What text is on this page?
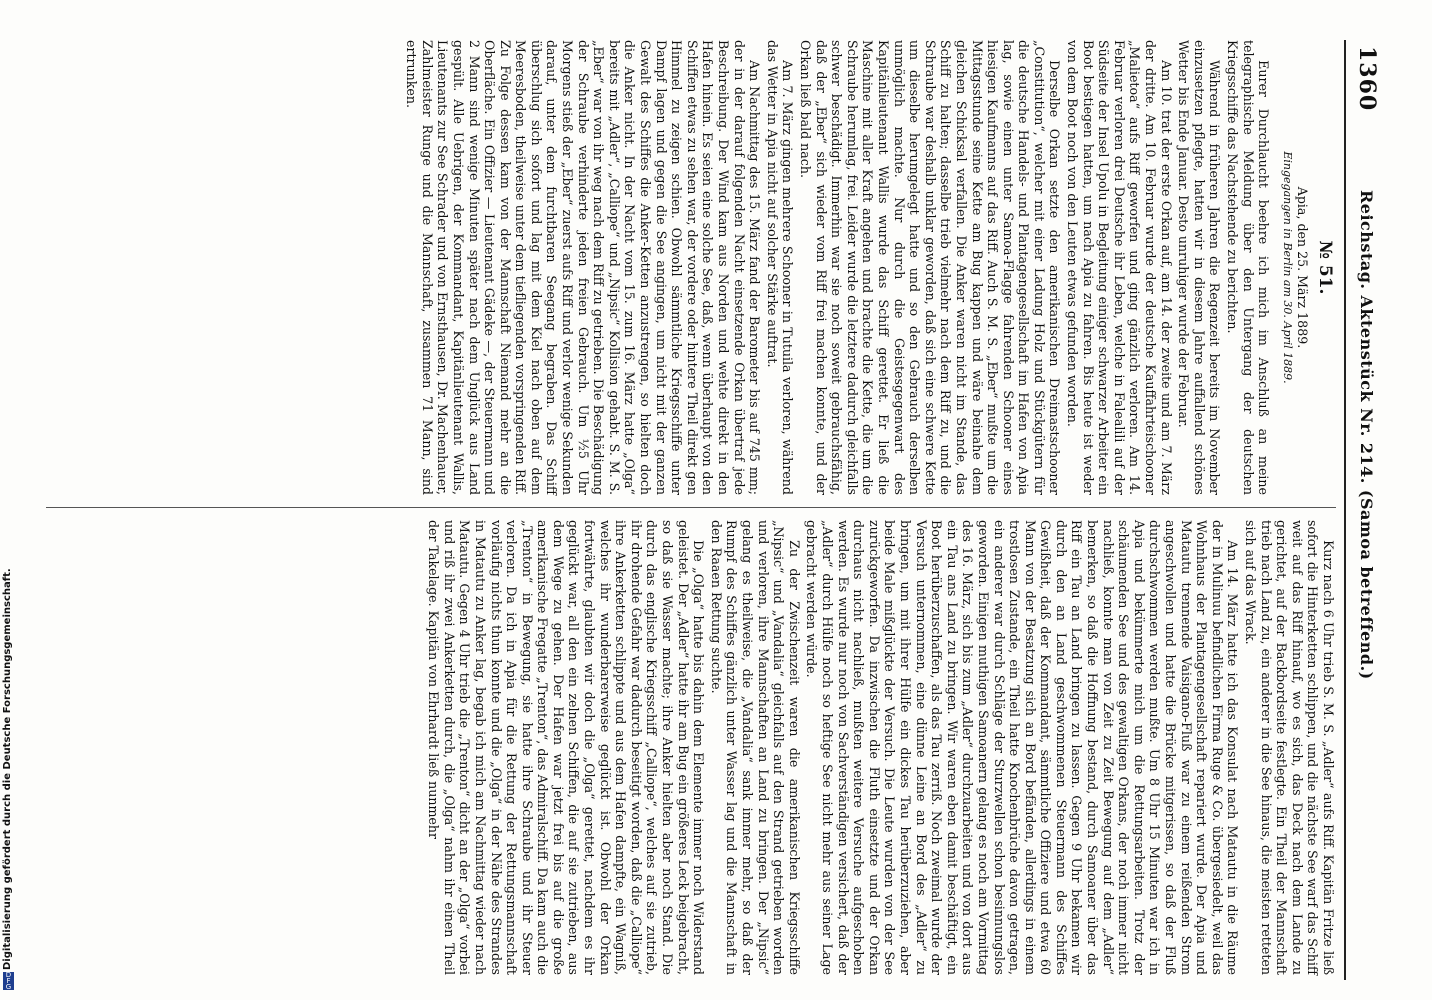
Digitalisierung gefördert durch die Deutsche Forschungsgemeinschaft.
D F G
1360
Reichstag. Aktenstück Nr. 214. (Samoa betreffend.)

№ 51.

Apia, den 25. März 1889.

Eingegangen in Berlin am 30. April 1889.

Eurer Durchlaucht beehre ich mich im Anschluß an meine telegraphische Meldung über den Untergang der deutschen Kriegsschiffe das Nachstehende zu berichten.

Während in früheren Jahren die Regenzeit bereits im November einzusetzen pflegte, hatten wir in diesem Jahre auffallend schönes Wetter bis Ende Januar. Desto unruhiger wurde der Februar.

Am 10. trat der erste Orkan auf, am 14. der zweite und am 7. März der dritte. Am 10. Februar wurde der deutsche Kauffahrteischooner „Malietoa“ aufs Riff geworfen und ging gänzlich verloren. Am 14. Februar verloren drei Deutsche ihr Leben, welche in Falealili auf der Südseite der Insel Upolu in Begleitung einiger schwarzer Arbeiter ein Boot bestiegen hatten, um nach Apia zu fahren. Bis heute ist weder von dem Boot noch von den Leuten etwas gefunden worden.

Derselbe Orkan setzte den amerikanischen Dreimastschooner „Constitution“, welcher mit einer Ladung Holz und Stückgütern für die deutsche Handels- und Plantagengesellschaft im Hafen von Apia lag, sowie einen unter Samoa-Flagge fahrenden Schooner eines hiesigen Kaufmanns auf das Riff. Auch S. M. S. „Eber“ mußte um die Mittagsstunde seine Kette am Bug kappen und wäre beinahe dem gleichen Schicksal verfallen. Die Anker waren nicht im Stande, das Schiff zu halten; dasselbe trieb vielmehr nach dem Riff zu, und die Schraube war deshalb unklar geworden, daß sich eine schwere Kette um dieselbe herumgelegt hatte und so den Gebrauch derselben unmöglich machte. Nur durch die Geistesgegenwart des Kapitänlieutenant Wallis wurde das Schiff gerettet. Er ließ die Maschine mit aller Kraft angehen und brachte die Kette, die um die Schraube herumlag, frei. Leider wurde die letztere dadurch gleichfalls schwer beschädigt. Immerhin war sie noch soweit gebrauchsfähig, daß der „Eber“ sich wieder vom Riff frei machen konnte, und der Orkan ließ bald nach.

Am 7. März gingen mehrere Schooner in Tutuila verloren, während das Wetter in Apia nicht auf solcher Stärke auftrat.

Am Nachmittag des 15. März fand der Barometer bis auf 745 mm; der in der darauf folgenden Nacht einsetzende Orkan übertraf jede Beschreibung. Der Wind kam aus Norden und wehte direkt in den Hafen hinein. Es seien eine solche See, daß, wenn überhaupt von den Schiffen etwas zu sehen war, der vordere oder hintere Theil direkt gen Himmel zu zeigen schien. Obwohl sämmtliche Kriegsschiffe unter Dampf lagen und gegen die See angingen, um nicht mit der ganzen Gewalt des Schiffes die Anker-Ketten anzustrengen, so hielten doch die Anker nicht. In der Nacht vom 15. zum 16. März hatte „Olga“ bereits mit „Adler“, „Calliope“ und „Nipsic“ Kollision gehabt. S. M. S. „Eber“ war von ihr weg nach dem Riff zu getrieben. Die Beschädigung der Schraube verhinderte jeden freien Gebrauch. Um ½5 Uhr Morgens stieß der „Eber“ zuerst aufs Riff und verlor wenige Sekunden darauf, unter dem furchtbaren Seegang begraben. Das Schiff überschlug sich sofort und lag mit dem Kiel nach oben auf dem Meeresboden, theilweise unter dem tiefliegenden vorspringenden Riff. Zu Folge dessen kam von der Mannschaft Niemand mehr an die Oberfläche. Ein Offizier — Lieutenant Gädeke —, der Steuermann und 2 Mann sind wenige Minuten später nach dem Unglück aus Land gespült. Alle Uebrigen, der Kommandant, Kapitänlieutenant Wallis, Lieutenants zur See Schrader und von Ernsthausen, Dr. Machenhauer, Zahlmeister Runge und die Mannschaft, zusammen 71 Mann, sind ertrunken.

Kurz nach 6 Uhr trieb S. M. S. „Adler“ aufs Riff. Kapitän Fritze ließ sofort die Hinterketten schlippen, und die nächste See warf das Schiff weit auf das Riff hinauf, wo es sich, das Deck nach dem Lande zu gerichtet, auf der Backbordseite festlegte. Ein Theil der Mannschaft trieb nach Land zu, ein anderer in die See hinaus, die meisten retteten sich auf das Wrack.

Am 14. März hatte ich das Konsulat nach Matautu in die Räume der in Mulinuu befindlichen Firma Ruge & Co. übergesiedelt, weil das Wohnhaus der Plantagengesellschaft repariert wurde. Der Apia und Matautu trennende Vaisigano-Fluß war zu einem reißenden Strom angeschwollen und hatte die Brücke mitgerissen, so daß der Fluß durchschwommen werden mußte. Um 8 Uhr 15 Minuten war ich in Apia und bekümmerte mich um die Rettungsarbeiten. Trotz der schäumenden See und des gewaltigen Orkans, der noch immer nicht nachließ, konnte man von Zeit zu Zeit Bewegung auf dem „Adler“ bemerken, so daß die Hoffnung bestand, durch Samoaner über das Riff ein Tau an Land bringen zu lassen. Gegen 9 Uhr bekamen wir durch den an Land geschwommenen Steuermann des Schiffes Gewißheit, daß der Kommandant, sämmtliche Offiziere und etwa 60 Mann von der Besatzung sich an Bord befänden, allerdings in einem trostlosen Zustande, ein Theil hatte Knochenbrüche davon getragen, ein anderer war durch Schläge der Sturzwellen schon besinnungslos geworden. Einigen muthigen Samoanern gelang es noch am Vormittag des 16. März, sich bis zum „Adler“ durchzuarbeiten und von dort aus ein Tau ans Land zu bringen. Wir waren eben damit beschäftigt, ein Boot herüberzuschaffen, als das Tau zerriß. Noch zweimal wurde der Versuch unternommen, eine dünne Leine an Bord des „Adler“ zu bringen, um mit ihrer Hülfe ein dickes Tau herüberzuziehen, aber beide Male mißglückte der Versuch. Die Leute wurden von der See zurückgeworfen. Da inzwischen die Fluth einsetzte und der Orkan durchaus nicht nachließ, mußten weitere Versuche aufgeschoben werden. Es wurde nur noch von Sachverständigen versichert, daß der „Adler“ durch Hülfe noch so heftige See nicht mehr aus seiner Lage gebracht werden würde.

Zu der Zwischenzeit waren die amerikanischen Kriegsschiffe „Nipsic“ und „Vandalia“ gleichfalls auf den Strand getrieben worden und verloren, ihre Mannschaften an Land zu bringen. Der „Nipsic“ gelang es theilweise, die „Vandalia“ sank immer mehr, so daß der Rumpf des Schiffes gänzlich unter Wasser lag und die Mannschaft in den Raaen Rettung suchte.

Die „Olga“ hatte bis dahin dem Elemente immer noch Widerstand geleistet. Der „Adler“ hatte ihr am Bug ein größeres Leck beigebracht, so daß sie Wasser machte; ihre Anker hielten aber noch Stand. Die durch das englische Kriegsschiff „Calliope“, welches auf sie zutrieb, ihr drohende Gefahr war dadurch beseitigt worden, daß die „Calliope“ ihre Ankerketten schlippte und aus dem Hafen dampfte, ein Wagniß, welches ihr wunderbarerweise geglückt ist. Obwohl der Orkan fortwährte, glaubten wir doch die „Olga“ gerettet, nachdem es ihr geglückt war, all den ein zelnen Schiffen, die auf sie zutrieben, aus dem Wege zu gehen. Der Hafen war jetzt frei bis auf die große amerikanische Fregatte „Trenton“, das Admiralschiff. Da kam auch die „Trenton“ in Bewegung, sie hatte ihre Schraube und ihr Steuer verloren. Da ich in Apia für die Rettung der Rettungsmannschaft vorläufig nichts thun konnte und die „Olga“ in der Nähe des Strandes in Matautu zu Anker lag, begab ich mich am Nachmittag wieder nach Matautu. Gegen 4 Uhr trieb die „Trenton“ dicht an der „Olga“ vorbei und riß ihr zwei Ankerketten durch, die „Olga“ nahm ihr einen Theil der Takelage. Kapitän von Ehrhardt ließ nunmehr
